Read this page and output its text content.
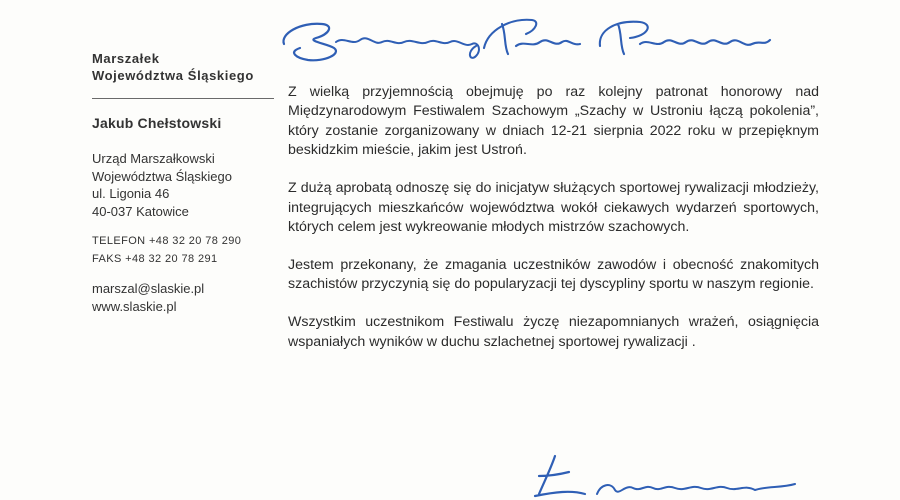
Marszałek
Województwa Śląskiego
Jakub Chełstowski
Urząd Marszałkowski
Województwa Śląskiego
ul. Ligonia 46
40-037 Katowice
TELEFON +48 32 20 78 290
FAKS +48 32 20 78 291
marszal@slaskie.pl
www.slaskie.pl

Z wielką przyjemnością obejmuję po raz kolejny patronat honorowy nad Międzynarodowym Festiwalem Szachowym „Szachy w Ustroniu łączą pokolenia”, który zostanie zorganizowany w dniach 12-21 sierpnia 2022 roku w przepięknym beskidzkim mieście, jakim jest Ustroń.

Z dużą aprobatą odnoszę się do inicjatyw służących sportowej rywalizacji młodzieży, integrujących mieszkańców województwa wokół ciekawych wydarzeń sportowych, których celem jest wykreowanie młodych mistrzów szachowych.

Jestem przekonany, że zmagania uczestników zawodów i obecność znakomitych szachistów przyczynią się do popularyzacji tej dyscypliny sportu w naszym regionie.

Wszystkim uczestnikom Festiwalu życzę niezapomnianych wrażeń, osiągnięcia wspaniałych wyników w duchu szlachetnej sportowej rywalizacji .
